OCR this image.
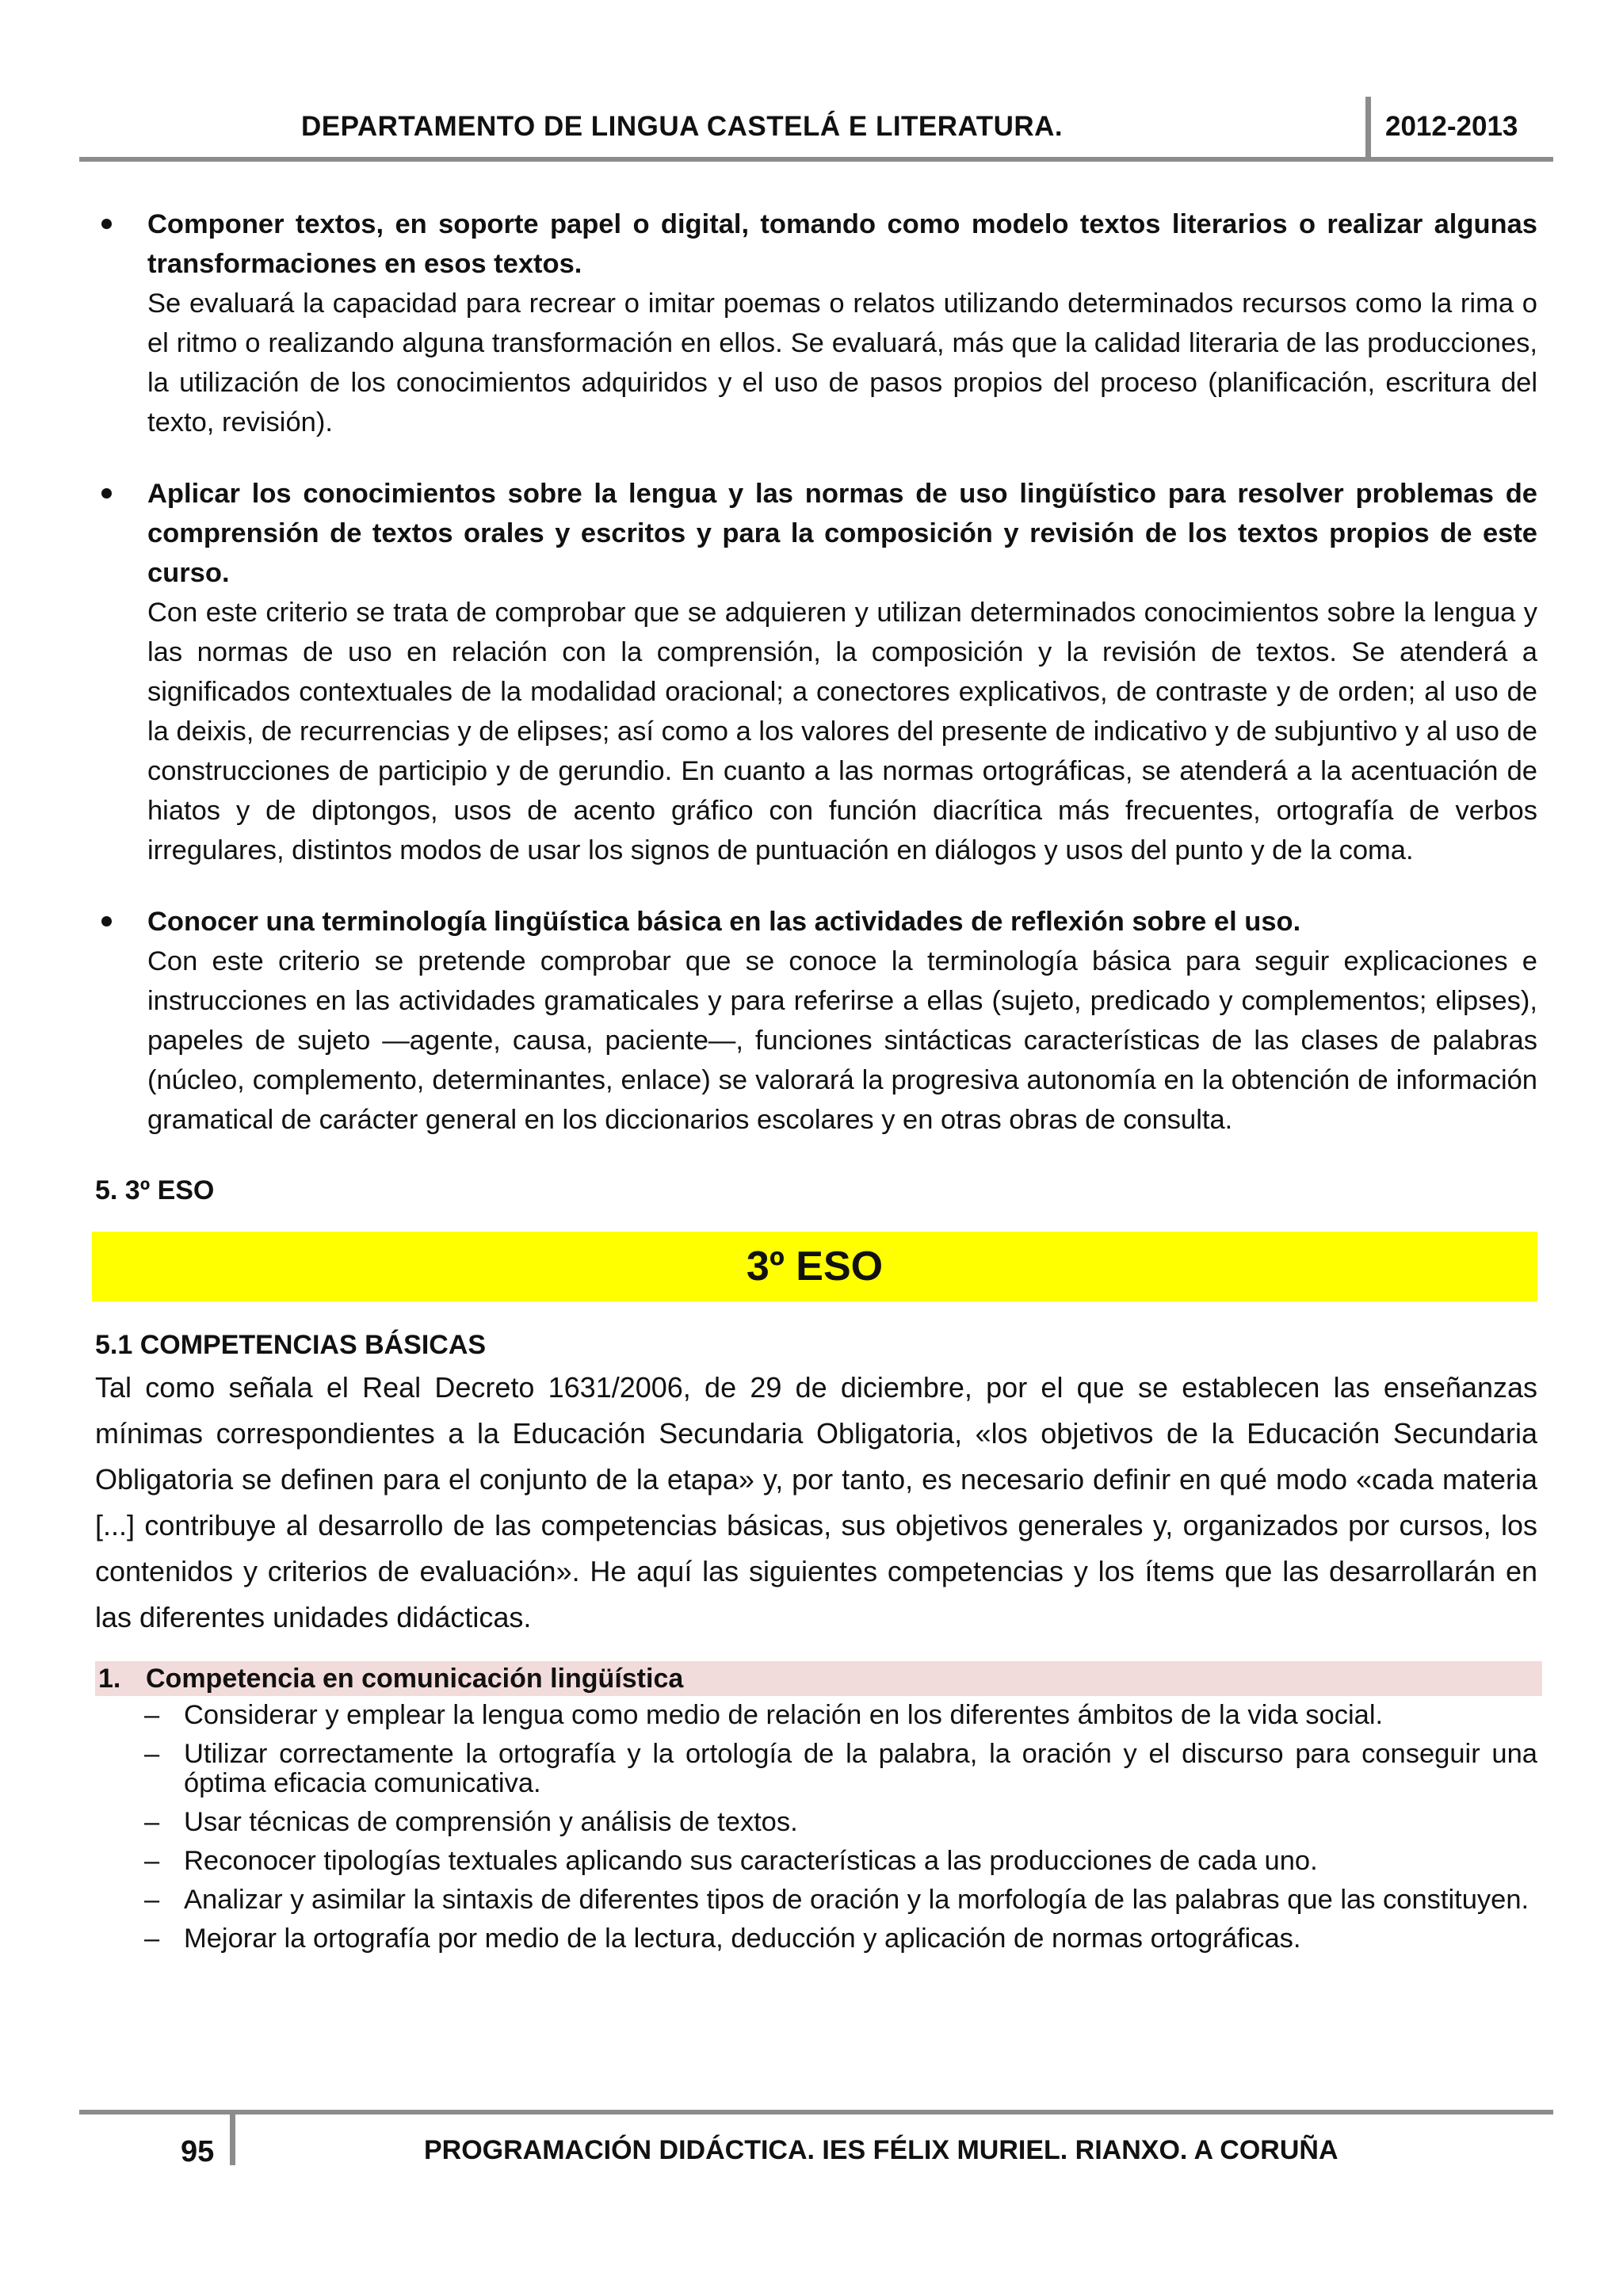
DEPARTAMENTO DE LINGUA CASTELÁ E LITERATURA.	2012-2013
Componer textos, en soporte papel o digital, tomando como modelo textos literarios o realizar algunas transformaciones en esos textos.
Se evaluará la capacidad para recrear o imitar poemas o relatos utilizando determinados recursos como la rima o el ritmo o realizando alguna transformación en ellos. Se evaluará, más que la calidad literaria de las producciones, la utilización de los conocimientos adquiridos y el uso de pasos propios del proceso (planificación, escritura del texto, revisión).
Aplicar los conocimientos sobre la lengua y las normas de uso lingüístico para resolver problemas de comprensión de textos orales y escritos y para la composición y revisión de los textos propios de este curso.
Con este criterio se trata de comprobar que se adquieren y utilizan determinados conocimientos sobre la lengua y las normas de uso en relación con la comprensión, la composición y la revisión de textos. Se atenderá a significados contextuales de la modalidad oracional; a conectores explicativos, de contraste y de orden; al uso de la deixis, de recurrencias y de elipses; así como a los valores del presente de indicativo y de subjuntivo y al uso de construcciones de participio y de gerundio. En cuanto a las normas ortográficas, se atenderá a la acentuación de hiatos y de diptongos, usos de acento gráfico con función diacrítica más frecuentes, ortografía de verbos irregulares, distintos modos de usar los signos de puntuación en diálogos y usos del punto y de la coma.
Conocer una terminología lingüística básica en las actividades de reflexión sobre el uso.
Con este criterio se pretende comprobar que se conoce la terminología básica para seguir explicaciones e instrucciones en las actividades gramaticales y para referirse a ellas (sujeto, predicado y complementos; elipses), papeles de sujeto —agente, causa, paciente—, funciones sintácticas características de las clases de palabras (núcleo, complemento, determinantes, enlace) se valorará la progresiva autonomía en la obtención de información gramatical de carácter general en los diccionarios escolares y en otras obras de consulta.
5. 3º ESO
3º ESO
5.1 COMPETENCIAS BÁSICAS
Tal como señala el Real Decreto 1631/2006, de 29 de diciembre, por el que se establecen las enseñanzas mínimas correspondientes a la Educación Secundaria Obligatoria, «los objetivos de la Educación Secundaria Obligatoria se definen para el conjunto de la etapa» y, por tanto, es necesario definir en qué modo «cada materia [...] contribuye al desarrollo de las competencias básicas, sus objetivos generales y, organizados por cursos, los contenidos y criterios de evaluación». He aquí las siguientes competencias y los ítems que las desarrollarán en las diferentes unidades didácticas.
1. Competencia en comunicación lingüística
– Considerar y emplear la lengua como medio de relación en los diferentes ámbitos de la vida social.
– Utilizar correctamente la ortografía y la ortología de la palabra, la oración y el discurso para conseguir una óptima eficacia comunicativa.
– Usar técnicas de comprensión y análisis de textos.
– Reconocer tipologías textuales aplicando sus características a las producciones de cada uno.
– Analizar y asimilar la sintaxis de diferentes tipos de oración y la morfología de las palabras que las constituyen.
– Mejorar la ortografía por medio de la lectura, deducción y aplicación de normas ortográficas.
95	PROGRAMACIÓN DIDÁCTICA. IES FÉLIX MURIEL. RIANXO. A CORUÑA
